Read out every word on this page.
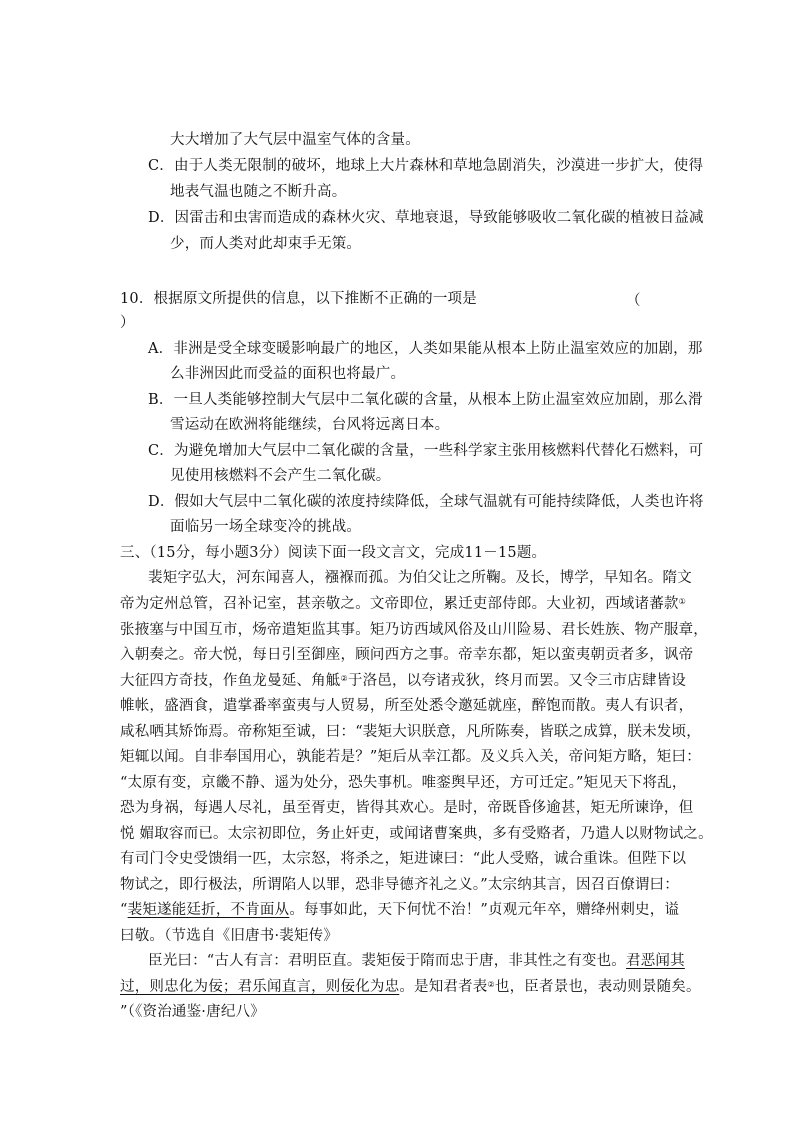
大大增加了大气层中温室气体的含量。
C．由于人类无限制的破坏，地球上大片森林和草地急剧消失，沙漠进一步扩大，使得
地表气温也随之不断升高。
D．因雷击和虫害而造成的森林火灾、草地衰退，导致能够吸收二氧化碳的植被日益减
少，而人类对此却束手无策。
10．根据原文所提供的信息，以下推断不正确的一项是	（
）
A．非洲是受全球变暖影响最广的地区，人类如果能从根本上防止温室效应的加剧，那
么非洲因此而受益的面积也将最广。
B．一旦人类能够控制大气层中二氧化碳的含量，从根本上防止温室效应加剧，那么滑
雪运动在欧洲将能继续，台风将远离日本。
C．为避免增加大气层中二氧化碳的含量，一些科学家主张用核燃料代替化石燃料，可
见使用核燃料不会产生二氧化碳。
D．假如大气层中二氧化碳的浓度持续降低，全球气温就有可能持续降低，人类也许将
面临另一场全球变冷的挑战。
三、（15分，每小题3分）阅读下面一段文言文，完成11－15题。
裴矩字弘大，河东闻喜人，襁褓而孤。为伯父让之所鞠。及长，博学，早知名。隋文
帝为定州总管，召补记室，甚亲敬之。文帝即位，累迁吏部侍郎。大业初，西域诸蕃款①
张掖塞与中国互市，炀帝遣矩监其事。矩乃访西域风俗及山川险易、君长姓族、物产服章，
入朝奏之。帝大悦，每日引至御座，顾问西方之事。帝幸东都，矩以蛮夷朝贡者多，讽帝
大征四方奇技，作鱼龙曼延、角觝②于洛邑，以夸诸戎狄，终月而罢。又令三市店肆皆设
帷帐，盛酒食，遣掌番率蛮夷与人贸易，所至处悉令邀延就座，醉饱而散。夷人有识者，
咸私哂其矫饰焉。帝称矩至诚，曰：“裴矩大识朕意，凡所陈奏，皆联之成算，朕未发顷，
矩辄以闻。自非奉国用心，孰能若是？”矩后从幸江都。及义兵入关，帝问矩方略，矩曰：
“太原有变，京畿不静、遥为处分，恐失事机。唯銮舆早还，方可迁定。”矩见天下将乱，
恐为身祸，每遇人尽礼，虽至胥吏，皆得其欢心。是时，帝既昏侈逾甚，矩无所谏诤，但
悦 媚取容而已。太宗初即位，务止奸吏，或闻诸曹案典，多有受赂者，乃遣人以财物试之。
有司门令史受馈绢一匹，太宗怒，将杀之，矩进谏曰：“此人受赂，诚合重诛。但陛下以
物试之，即行极法，所谓陷人以罪，恐非导德齐礼之义。”太宗纳其言，因召百僚谓曰：
“裴矩遂能廷折，不肯面从。每事如此，天下何忧不治！”贞观元年卒，赠绛州刺史，谥
曰敬。（节选自《旧唐书·裴矩传》
臣光曰：“古人有言：君明臣直。裴矩佞于隋而忠于唐，非其性之有变也。君恶闻其
过，则忠化为佞；君乐闻直言，则佞化为忠。是知君者表②也，臣者景也，表动则景随矣。
”（《资治通鉴·唐纪八》
